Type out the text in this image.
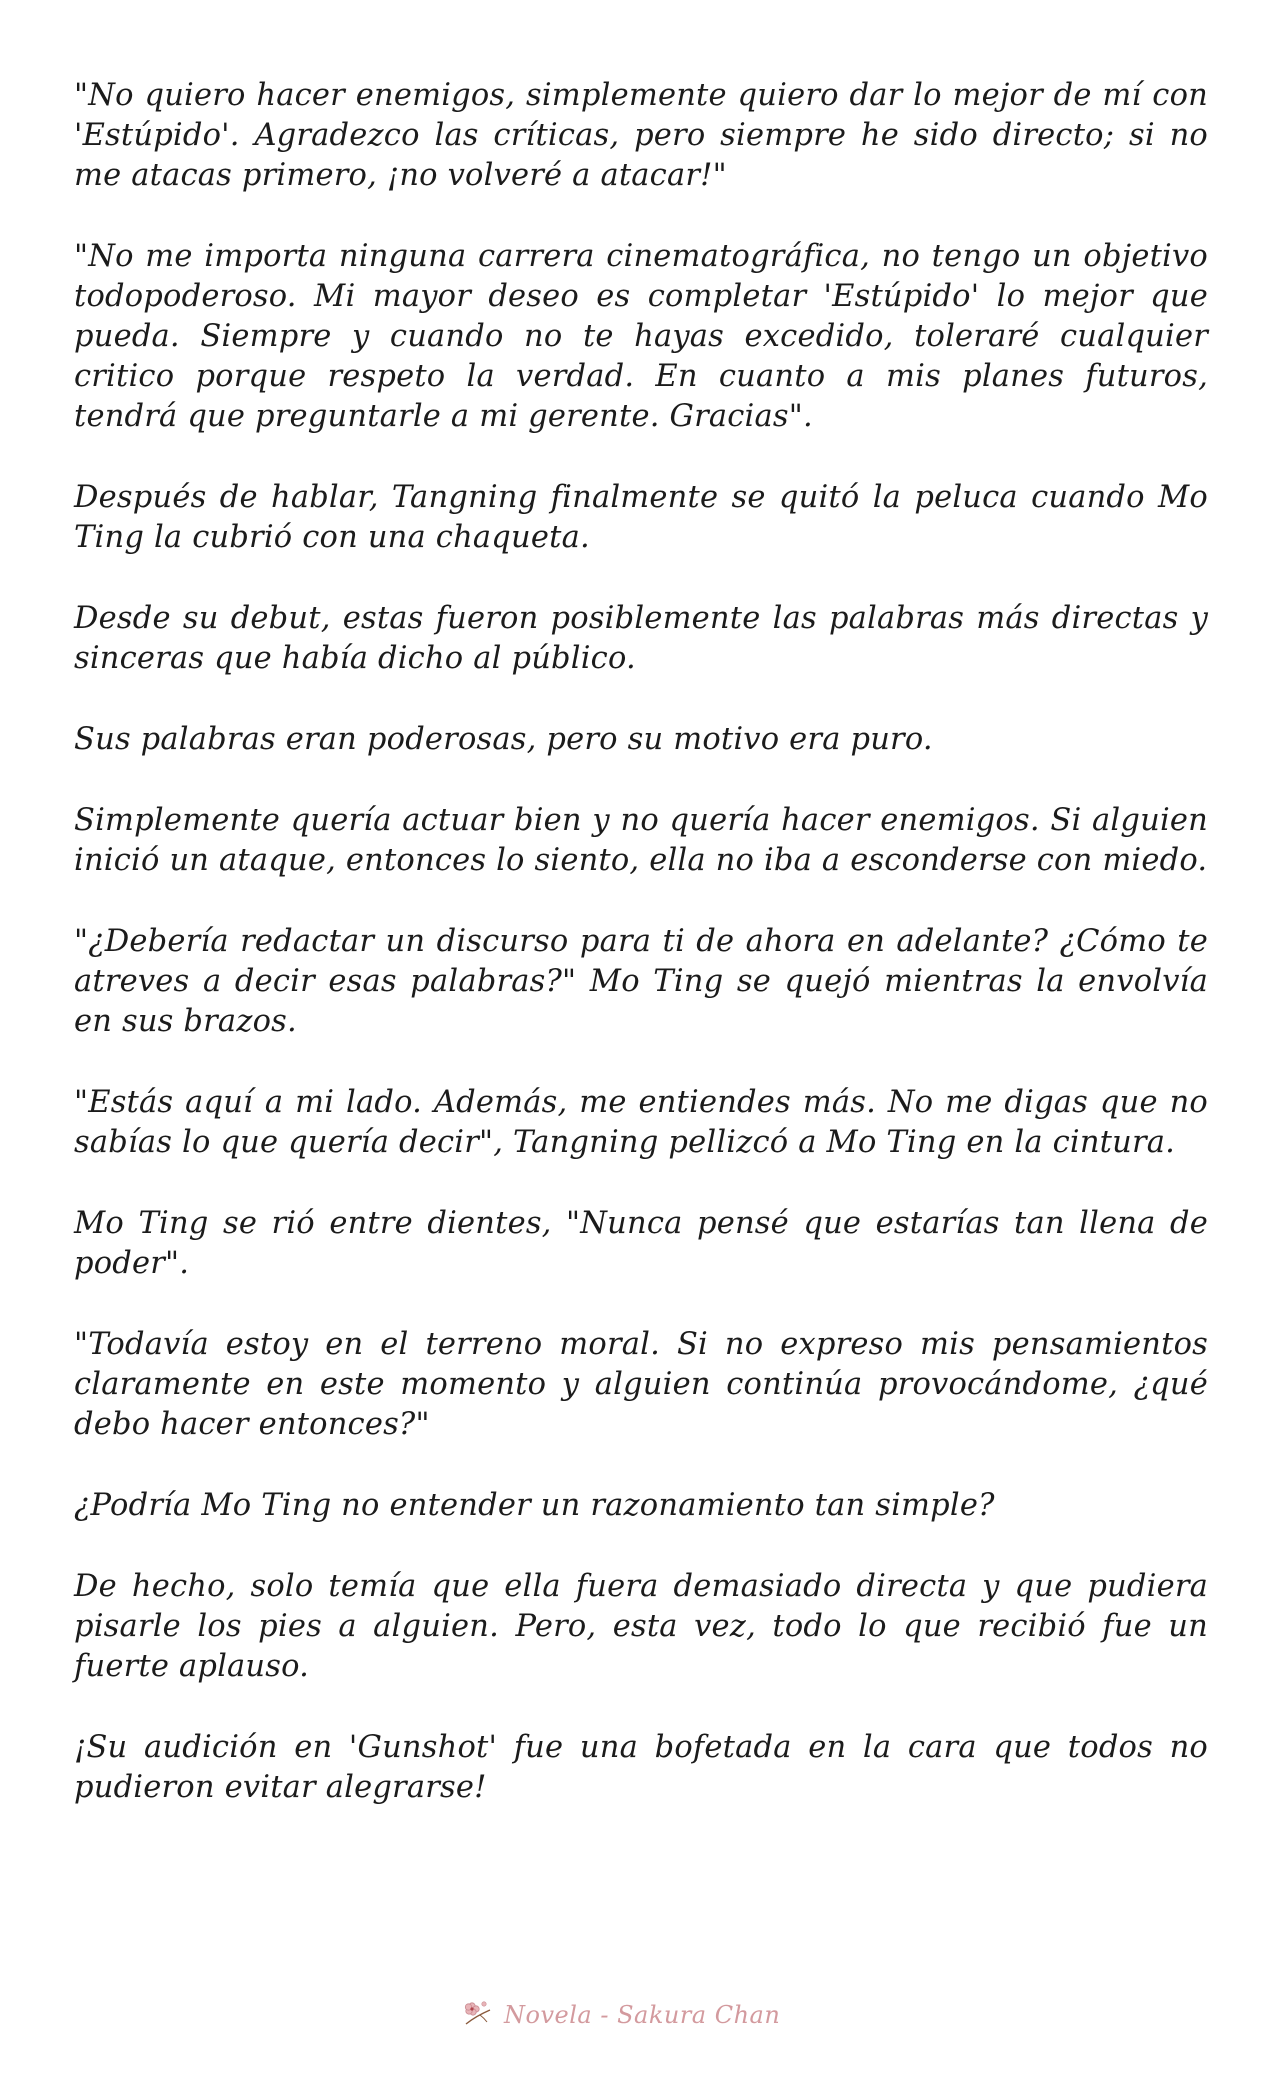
"No quiero hacer enemigos, simplemente quiero dar lo mejor de mí con 'Estúpido'. Agradezco las críticas, pero siempre he sido directo; si no me atacas primero, ¡no volveré a atacar!"

"No me importa ninguna carrera cinematográfica, no tengo un objetivo todopoderoso. Mi mayor deseo es completar 'Estúpido' lo mejor que pueda. Siempre y cuando no te hayas excedido, toleraré cualquier critico porque respeto la verdad. En cuanto a mis planes futuros, tendrá que preguntarle a mi gerente. Gracias".

Después de hablar, Tangning finalmente se quitó la peluca cuando Mo Ting la cubrió con una chaqueta.

Desde su debut, estas fueron posiblemente las palabras más directas y sinceras que había dicho al público.

Sus palabras eran poderosas, pero su motivo era puro.

Simplemente quería actuar bien y no quería hacer enemigos. Si alguien inició un ataque, entonces lo siento, ella no iba a esconderse con miedo.

"¿Debería redactar un discurso para ti de ahora en adelante? ¿Cómo te atreves a decir esas palabras?" Mo Ting se quejó mientras la envolvía en sus brazos.

"Estás aquí a mi lado. Además, me entiendes más. No me digas que no sabías lo que quería decir", Tangning pellizcó a Mo Ting en la cintura.

Mo Ting se rió entre dientes, "Nunca pensé que estarías tan llena de poder".

"Todavía estoy en el terreno moral. Si no expreso mis pensamientos claramente en este momento y alguien continúa provocándome, ¿qué debo hacer entonces?"

¿Podría Mo Ting no entender un razonamiento tan simple?

De hecho, solo temía que ella fuera demasiado directa y que pudiera pisarle los pies a alguien. Pero, esta vez, todo lo que recibió fue un fuerte aplauso.

¡Su audición en 'Gunshot' fue una bofetada en la cara que todos no pudieron evitar alegrarse!

Novela - Sakura Chan
